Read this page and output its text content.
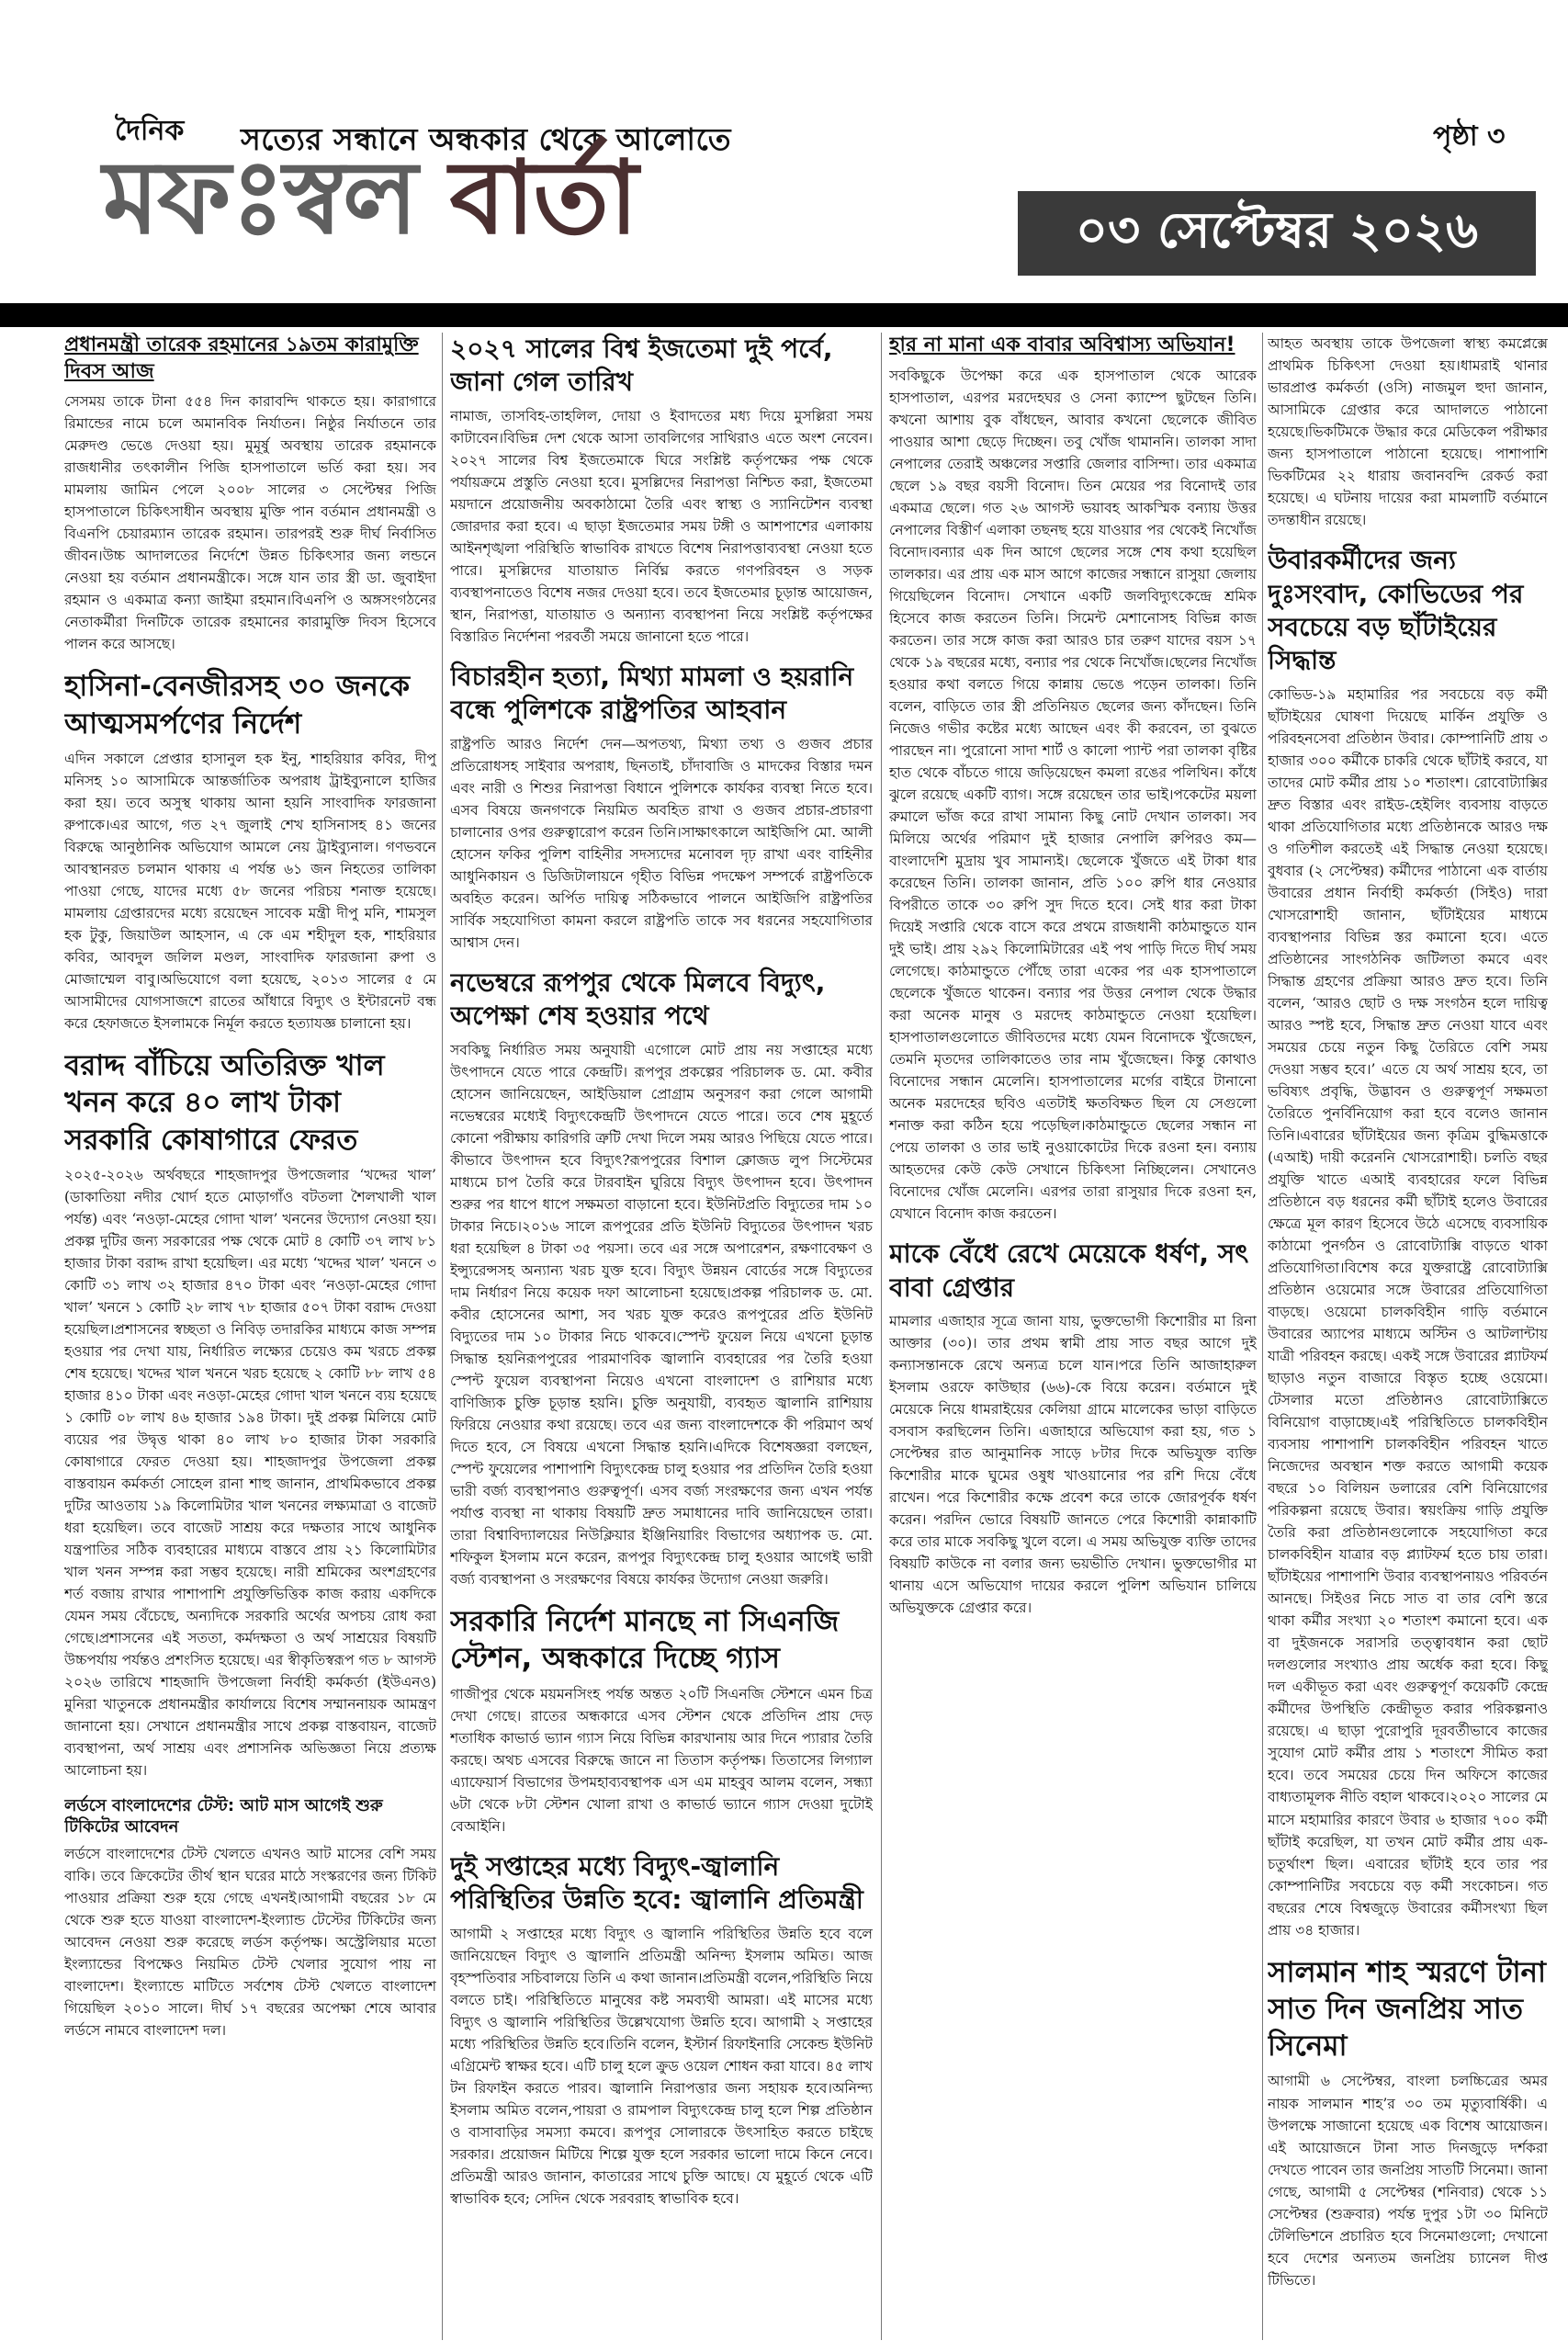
দৈনিক সত্যের সন্ধানে অন্ধকার থেকে আলোতে
মফঃস্বল বার্তা
পৃষ্ঠা ৩
০৩ সেপ্টেম্বর ২০২৬
প্রধানমন্ত্রী তারেক রহমানের ১৯তম কারামুক্তি দিবস আজ

সেসময় তাকে টানা ৫৫৪ দিন কারাবন্দি থাকতে হয়। কারাগারে রিমান্ডের নামে চলে অমানবিক নির্যাতন। নিষ্ঠুর নির্যাতনে তার মেরুদণ্ড ভেঙে দেওয়া হয়। মুমূর্ষু অবস্থায় তারেক রহমানকে রাজধানীর তৎকালীন পিজি হাসপাতালে ভর্তি করা হয়। সব মামলায় জামিন পেলে ২০০৮ সালের ৩ সেপ্টেম্বর পিজি হাসপাতালে চিকিৎসাধীন অবস্থায় মুক্তি পান বর্তমান প্রধানমন্ত্রী ও বিএনপি চেয়ারম্যান তারেক রহমান। তারপরই শুরু দীর্ঘ নির্বাসিত জীবন।উচ্চ আদালতের নির্দেশে উন্নত চিকিৎসার জন্য লন্ডনে নেওয়া হয় বর্তমান প্রধানমন্ত্রীকে। সঙ্গে যান তার স্ত্রী ডা. জুবাইদা রহমান ও একমাত্র কন্যা জাইমা রহমান।বিএনপি ও অঙ্গসংগঠনের নেতাকর্মীরা দিনটিকে তারেক রহমানের কারামুক্তি দিবস হিসেবে পালন করে আসছে।

হাসিনা-বেনজীরসহ ৩০ জনকে আত্মসমর্পণের নির্দেশ

এদিন সকালে প্রেপ্তার হাসানুল হক ইনু, শাহরিয়ার কবির, দীপু মনিসহ ১০ আসামিকে আন্তর্জাতিক অপরাধ ট্রাইব্যুনালে হাজির করা হয়। তবে অসুস্থ থাকায় আনা হয়নি সাংবাদিক ফারজানা রুপাকে।এর আগে, গত ২৭ জুলাই শেখ হাসিনাসহ ৪১ জনের বিরুদ্ধে আনুষ্ঠানিক অভিযোগ আমলে নেয় ট্রাইব্যুনাল। গণভবনে আবস্থানরত চলমান থাকায় এ পর্যন্ত ৬১ জন নিহতের তালিকা পাওয়া গেছে, যাদের মধ্যে ৫৮ জনের পরিচয় শনাক্ত হয়েছে। মামলায় গ্রেপ্তারদের মধ্যে রয়েছেন সাবেক মন্ত্রী দীপু মনি, শামসুল হক টুকু, জিয়াউল আহসান, এ কে এম শহীদুল হক, শাহরিয়ার কবির, আবদুল জলিল মণ্ডল, সাংবাদিক ফারজানা রুপা ও মোজাম্মেল বাবু।অভিযোগে বলা হয়েছে, ২০১৩ সালের ৫ মে আসামীদের যোগসাজশে রাতের আঁধারে বিদ্যুৎ ও ইন্টারনেট বন্ধ করে হেফাজতে ইসলামকে নির্মূল করতে হত্যাযজ্ঞ চালানো হয়।

বরাদ্দ বাঁচিয়ে অতিরিক্ত খাল খনন করে ৪০ লাখ টাকা সরকারি কোষাগারে ফেরত

২০২৫-২০২৬ অর্থবছরে শাহজাদপুর উপজেলার ‘খদ্দের খাল’ (ডাকাতিয়া নদীর খোর্দ হতে মোড়াগাঁও বটতলা শৈলখালী খাল পর্যন্ত) এবং ‘নওড়া-মেহের গোদা খাল’ খননের উদ্যোগ নেওয়া হয়।প্রকল্প দুটির জন্য সরকারের পক্ষ থেকে মোট ৪ কোটি ৩৭ লাখ ৮১ হাজার টাকা বরাদ্দ রাখা হয়েছিল। এর মধ্যে ‘খদ্দের খাল’ খননে ৩ কোটি ৩১ লাখ ৩২ হাজার ৪৭০ টাকা এবং ‘নওড়া-মেহের গোদা খাল’ খননে ১ কোটি ২৮ লাখ ৭৮ হাজার ৫০৭ টাকা বরাদ্দ দেওয়া হয়েছিল।প্রশাসনের স্বচ্ছতা ও নিবিড় তদারকির মাধ্যমে কাজ সম্পন্ন হওয়ার পর দেখা যায়, নির্ধারিত লক্ষ্যের চেয়েও কম খরচে প্রকল্প শেষ হয়েছে। খদ্দের খাল খননে খরচ হয়েছে ২ কোটি ৮৮ লাখ ৫৪ হাজার ৪১০ টাকা এবং নওড়া-মেহের গোদা খাল খননে ব্যয় হয়েছে ১ কোটি ০৮ লাখ ৪৬ হাজার ১৯৪ টাকা। দুই প্রকল্প মিলিয়ে মোট ব্যয়ের পর উদ্বৃত্ত থাকা ৪০ লাখ ৮০ হাজার টাকা সরকারি কোষাগারে ফেরত দেওয়া হয়। শাহজাদপুর উপজেলা প্রকল্প বাস্তবায়ন কর্মকর্তা সোহেল রানা শাহু জানান, প্রাথমিকভাবে প্রকল্প দুটির আওতায় ১৯ কিলোমিটার খাল খননের লক্ষ্যমাত্রা ও বাজেট ধরা হয়েছিল। তবে বাজেট সাশ্রয় করে দক্ষতার সাথে আধুনিক যন্ত্রপাতির সঠিক ব্যবহারের মাধ্যমে বাস্তবে প্রায় ২১ কিলোমিটার খাল খনন সম্পন্ন করা সম্ভব হয়েছে। নারী শ্রমিকের অংশগ্রহণের শর্ত বজায় রাখার পাশাপাশি প্রযুক্তিভিত্তিক কাজ করায় একদিকে যেমন সময় বেঁচেছে, অন্যদিকে সরকারি অর্থের অপচয় রোধ করা গেছে।প্রশাসনের এই সততা, কর্মদক্ষতা ও অর্থ সাশ্রয়ের বিষয়টি উচ্চপর্যায় পর্যন্তও প্রশংসিত হয়েছে। এর স্বীকৃতিস্বরূপ গত ৮ আগস্ট ২০২৬ তারিখে শাহজাদি উপজেলা নির্বাহী কর্মকর্তা (ইউএনও) মুনিরা খাতুনকে প্রধানমন্ত্রীর কার্যালয়ে বিশেষ সম্মাননায়ক আমন্ত্রণ জানানো হয়। সেখানে প্রধানমন্ত্রীর সাথে প্রকল্প বাস্তবায়ন, বাজেট ব্যবস্থাপনা, অর্থ সাশ্রয় এবং প্রশাসনিক অভিজ্ঞতা নিয়ে প্রত্যক্ষ আলোচনা হয়।

লর্ডসে বাংলাদেশের টেস্ট: আট মাস আগেই শুরু টিকিটের আবেদন

লর্ডসে বাংলাদেশের টেস্ট খেলতে এখনও আট মাসের বেশি সময় বাকি। তবে ক্রিকেটের তীর্থ স্থান ঘরের মাঠে সংস্করণের জন্য টিকিট পাওয়ার প্রক্রিয়া শুরু হয়ে গেছে এখনই।আগামী বছরের ১৮ মে থেকে শুরু হতে যাওয়া বাংলাদেশ-ইংল্যান্ড টেস্টের টিকিটের জন্য আবেদন নেওয়া শুরু করেছে লর্ডস কর্তৃপক্ষ। অস্ট্রেলিয়ার মতো ইংল্যান্ডের বিপক্ষেও নিয়মিত টেস্ট খেলার সুযোগ পায় না বাংলাদেশ। ইংল্যান্ডে মাটিতে সর্বশেষ টেস্ট খেলতে বাংলাদেশ গিয়েছিল ২০১০ সালে। দীর্ঘ ১৭ বছরের অপেক্ষা শেষে আবার লর্ডসে নামবে বাংলাদেশ দল।

২০২৭ সালের বিশ্ব ইজতেমা দুই পর্বে, জানা গেল তারিখ

নামাজ, তাসবিহ-তাহলিল, দোয়া ও ইবাদতের মধ্য দিয়ে মুসল্লিরা সময় কাটাবেন।বিভিন্ন দেশ থেকে আসা তাবলিগের সাথিরাও এতে অংশ নেবেন। ২০২৭ সালের বিশ্ব ইজতেমাকে ঘিরে সংশ্লিষ্ট কর্তৃপক্ষের পক্ষ থেকে পর্যায়ক্রমে প্রস্তুতি নেওয়া হবে। মুসল্লিদের নিরাপত্তা নিশ্চিত করা, ইজতেমা ময়দানে প্রয়োজনীয় অবকাঠামো তৈরি এবং স্বাস্থ্য ও স্যানিটেশন ব্যবস্থা জোরদার করা হবে। এ ছাড়া ইজতেমার সময় টঙ্গী ও আশপাশের এলাকায় আইনশৃঙ্খলা পরিস্থিতি স্বাভাবিক রাখতে বিশেষ নিরাপত্তাব্যবস্থা নেওয়া হতে পারে। মুসল্লিদের যাতায়াত নির্বিঘ্ন করতে গণপরিবহন ও সড়ক ব্যবস্থাপনাতেও বিশেষ নজর দেওয়া হবে। তবে ইজতেমার চূড়ান্ত আয়োজন, স্থান, নিরাপত্তা, যাতায়াত ও অন্যান্য ব্যবস্থাপনা নিয়ে সংশ্লিষ্ট কর্তৃপক্ষের বিস্তারিত নির্দেশনা পরবর্তী সময়ে জানানো হতে পারে।

বিচারহীন হত্যা, মিথ্যা মামলা ও হয়রানি বন্ধে পুলিশকে রাষ্ট্রপতির আহবান

রাষ্ট্রপতি আরও নির্দেশ দেন—অপতথ্য, মিথ্যা তথ্য ও গুজব প্রচার প্রতিরোধসহ সাইবার অপরাধ, ছিনতাই, চাঁদাবাজি ও মাদকের বিস্তার দমন এবং নারী ও শিশুর নিরাপত্তা বিধানে পুলিশকে কার্যকর ব্যবস্থা নিতে হবে। এসব বিষয়ে জনগণকে নিয়মিত অবহিত রাখা ও গুজব প্রচার-প্রচারণা চালানোর ওপর গুরুত্বারোপ করেন তিনি।সাক্ষাৎকালে আইজিপি মো. আলী হোসেন ফকির পুলিশ বাহিনীর সদস্যদের মনোবল দৃঢ় রাখা এবং বাহিনীর আধুনিকায়ন ও ডিজিটালায়নে গৃহীত বিভিন্ন পদক্ষেপ সম্পর্কে রাষ্ট্রপতিকে অবহিত করেন। অর্পিত দায়িত্ব সঠিকভাবে পালনে আইজিপি রাষ্ট্রপতির সার্বিক সহযোগিতা কামনা করলে রাষ্ট্রপতি তাকে সব ধরনের সহযোগিতার আশ্বাস দেন।

নভেম্বরে রূপপুর থেকে মিলবে বিদ্যুৎ, অপেক্ষা শেষ হওয়ার পথে

সবকিছু নির্ধারিত সময় অনুযায়ী এগোলে মোট প্রায় নয় সপ্তাহের মধ্যে উৎপাদনে যেতে পারে কেন্দ্রটি। রূপপুর প্রকল্পের পরিচালক ড. মো. কবীর হোসেন জানিয়েছেন, আইডিয়াল প্রোগ্রাম অনুসরণ করা গেলে আগামী নভেম্বরের মধ্যেই বিদ্যুৎকেন্দ্রটি উৎপাদনে যেতে পারে। তবে শেষ মুহূর্তে কোনো পরীক্ষায় কারিগরি ত্রুটি দেখা দিলে সময় আরও পিছিয়ে যেতে পারে।কীভাবে উৎপাদন হবে বিদ্যুৎ?রূপপুরের বিশাল ক্লোজড লুপ সিস্টেমের মাধ্যমে চাপ তৈরি করে টারবাইন ঘুরিয়ে বিদ্যুৎ উৎপাদন হবে। উৎপাদন শুরুর পর ধাপে ধাপে সক্ষমতা বাড়ানো হবে। ইউনিটপ্রতি বিদ্যুতের দাম ১০ টাকার নিচে।২০১৬ সালে রূপপুরের প্রতি ইউনিট বিদ্যুতের উৎপাদন খরচ ধরা হয়েছিল ৪ টাকা ৩৫ পয়সা। তবে এর সঙ্গে অপারেশন, রক্ষণাবেক্ষণ ও ইন্স্যুরেন্সসহ অন্যান্য খরচ যুক্ত হবে। বিদ্যুৎ উন্নয়ন বোর্ডের সঙ্গে বিদ্যুতের দাম নির্ধারণ নিয়ে কয়েক দফা আলোচনা হয়েছে।প্রকল্প পরিচালক ড. মো. কবীর হোসেনের আশা, সব খরচ যুক্ত করেও রূপপুরের প্রতি ইউনিট বিদ্যুতের দাম ১০ টাকার নিচে থাকবে।স্পেন্ট ফুয়েল নিয়ে এখনো চূড়ান্ত সিদ্ধান্ত হয়নিরূপপুরের পারমাণবিক জ্বালানি ব্যবহারের পর তৈরি হওয়া স্পেন্ট ফুয়েল ব্যবস্থাপনা নিয়েও এখনো বাংলাদেশ ও রাশিয়ার মধ্যে বাণিজ্যিক চুক্তি চূড়ান্ত হয়নি। চুক্তি অনুযায়ী, ব্যবহৃত জ্বালানি রাশিয়ায় ফিরিয়ে নেওয়ার কথা রয়েছে। তবে এর জন্য বাংলাদেশকে কী পরিমাণ অর্থ দিতে হবে, সে বিষয়ে এখনো সিদ্ধান্ত হয়নি।এদিকে বিশেষজ্ঞরা বলছেন, স্পেন্ট ফুয়েলের পাশাপাশি বিদ্যুৎকেন্দ্র চালু হওয়ার পর প্রতিদিন তৈরি হওয়া ভারী বর্জ্য ব্যবস্থাপনাও গুরুত্বপূর্ণ। এসব বর্জ্য সংরক্ষণের জন্য এখন পর্যন্ত পর্যাপ্ত ব্যবস্থা না থাকায় বিষয়টি দ্রুত সমাধানের দাবি জানিয়েছেন তারা।তারা বিশ্বাবিদ্যালয়ের নিউক্লিয়ার ইঞ্জিনিয়ারিং বিভাগের অধ্যাপক ড. মো. শফিকুল ইসলাম মনে করেন, রূপপুর বিদ্যুৎকেন্দ্র চালু হওয়ার আগেই ভারী বর্জ্য ব্যবস্থাপনা ও সংরক্ষণের বিষয়ে কার্যকর উদ্যোগ নেওয়া জরুরি।

সরকারি নির্দেশ মানছে না সিএনজি স্টেশন, অন্ধকারে দিচ্ছে গ্যাস

গাজীপুর থেকে ময়মনসিংহ পর্যন্ত অন্তত ২০টি সিএনজি স্টেশনে এমন চিত্র দেখা গেছে। রাতের অন্ধকারে এসব স্টেশন থেকে প্রতিদিন প্রায় দেড় শতাধিক কাভার্ড ভ্যান গ্যাস নিয়ে বিভিন্ন কারখানায় আর দিনে প্যারার তৈরি করছে। অথচ এসবের বিরুদ্ধে জানে না তিতাস কর্তৃপক্ষ। তিতাসের লিগ্যাল এ্যাফেয়ার্স বিভাগের উপমহাব্যবস্থাপক এস এম মাহবুব আলম বলেন, সন্ধ্যা ৬টা থেকে ৮টা স্টেশন খোলা রাখা ও কাভার্ড ভ্যানে গ্যাস দেওয়া দুটোই বেআইনি।

দুই সপ্তাহের মধ্যে বিদ্যুৎ-জ্বালানি পরিস্থিতির উন্নতি হবে: জ্বালানি প্রতিমন্ত্রী

আগামী ২ সপ্তাহের মধ্যে বিদ্যুৎ ও জ্বালানি পরিস্থিতির উন্নতি হবে বলে জানিয়েছেন বিদ্যুৎ ও জ্বালানি প্রতিমন্ত্রী অনিন্দ্য ইসলাম অমিত। আজ বৃহস্পতিবার সচিবালয়ে তিনি এ কথা জানান।প্রতিমন্ত্রী বলেন,পরিস্থিতি নিয়ে বলতে চাই। পরিস্থিতিতে মানুষের কষ্ট সমব্যথী আমরা। এই মাসের মধ্যে বিদ্যুৎ ও জ্বালানি পরিস্থিতির উল্লেখযোগ্য উন্নতি হবে। আগামী ২ সপ্তাহের মধ্যে পরিস্থিতির উন্নতি হবে।তিনি বলেন, ইস্টার্ন রিফাইনারি সেকেন্ড ইউনিট এগ্রিমেন্ট স্বাক্ষর হবে। এটি চালু হলে ক্রুড ওয়েল শোধন করা যাবে। ৪৫ লাখ টন রিফাইন করতে পারব। জ্বালানি নিরাপত্তার জন্য সহায়ক হবে।অনিন্দ্য ইসলাম অমিত বলেন,পায়রা ও রামপাল বিদ্যুৎকেন্দ্র চালু হলে শিল্প প্রতিষ্ঠান ও বাসাবাড়ির সমস্যা কমবে। রূপপুর সোলারকে উৎসাহিত করতে চাইছে সরকার। প্রয়োজন মিটিয়ে শিল্পে যুক্ত হলে সরকার ভালো দামে কিনে নেবে।প্রতিমন্ত্রী আরও জানান, কাতারের সাথে চুক্তি আছে। যে মুহূর্তে থেকে এটি স্বাভাবিক হবে; সেদিন থেকে সরবরাহ স্বাভাবিক হবে।

হার না মানা এক বাবার অবিশ্বাস্য অভিযান!

সবকিছুকে উপেক্ষা করে এক হাসপাতাল থেকে আরেক হাসপাতাল, এরপর মরদেহঘর ও সেনা ক্যাম্পে ছুটছেন তিনি। কখনো আশায় বুক বাঁধছেন, আবার কখনো ছেলেকে জীবিত পাওয়ার আশা ছেড়ে দিচ্ছেন। তবু খোঁজ থামাননি। তালকা সাদা নেপালের তেরাই অঞ্চলের সপ্তারি জেলার বাসিন্দা। তার একমাত্র ছেলে ১৯ বছর বয়সী বিনোদ। তিন মেয়ের পর বিনোদই তার একমাত্র ছেলে। গত ২৬ আগস্ট ভয়াবহ আকস্মিক বন্যায় উত্তর নেপালের বিস্তীর্ণ এলাকা তছনছ হয়ে যাওয়ার পর থেকেই নিখোঁজ বিনোদ।বন্যার এক দিন আগে ছেলের সঙ্গে শেষ কথা হয়েছিল তালকার। এর প্রায় এক মাস আগে কাজের সন্ধানে রাসুয়া জেলায় গিয়েছিলেন বিনোদ। সেখানে একটি জলবিদ্যুৎকেন্দ্রে শ্রমিক হিসেবে কাজ করতেন তিনি। সিমেন্ট মেশানোসহ বিভিন্ন কাজ করতেন। তার সঙ্গে কাজ করা আরও চার তরুণ যাদের বয়স ১৭ থেকে ১৯ বছরের মধ্যে, বন্যার পর থেকে নিখোঁজ।ছেলের নিখোঁজ হওয়ার কথা বলতে গিয়ে কান্নায় ভেঙে পড়েন তালকা। তিনি বলেন, বাড়িতে তার স্ত্রী প্রতিনিয়ত ছেলের জন্য কাঁদছেন। তিনি নিজেও গভীর কষ্টের মধ্যে আছেন এবং কী করবেন, তা বুঝতে পারছেন না। পুরোনো সাদা শার্ট ও কালো প্যান্ট পরা তালকা বৃষ্টির হাত থেকে বাঁচতে গায়ে জড়িয়েছেন কমলা রঙের পলিথিন। কাঁধে ঝুলে রয়েছে একটি ব্যাগ। সঙ্গে রয়েছেন তার ভাই।পকেটের ময়লা রুমালে ভাঁজ করে রাখা সামান্য কিছু নোট দেখান তালকা। সব মিলিয়ে অর্থের পরিমাণ দুই হাজার নেপালি রুপিরও কম—বাংলাদেশি মুদ্রায় খুব সামান্যই। ছেলেকে খুঁজতে এই টাকা ধার করেছেন তিনি। তালকা জানান, প্রতি ১০০ রুপি ধার নেওয়ার বিপরীতে তাকে ৩০ রুপি সুদ দিতে হবে। সেই ধার করা টাকা দিয়েই সপ্তারি থেকে বাসে করে প্রথমে রাজধানী কাঠমান্ডুতে যান দুই ভাই। প্রায় ২৯২ কিলোমিটারের এই পথ পাড়ি দিতে দীর্ঘ সময় লেগেছে। কাঠমান্ডুতে পৌঁছে তারা একের পর এক হাসপাতালে ছেলেকে খুঁজতে থাকেন। বন্যার পর উত্তর নেপাল থেকে উদ্ধার করা অনেক মানুষ ও মরদেহ কাঠমান্ডুতে নেওয়া হয়েছিল। হাসপাতালগুলোতে জীবিতদের মধ্যে যেমন বিনোদকে খুঁজেছেন, তেমনি মৃতদের তালিকাতেও তার নাম খুঁজেছেন। কিন্তু কোথাও বিনোদের সন্ধান মেলেনি। হাসপাতালের মর্গের বাইরে টানানো অনেক মরদেহের ছবিও এতটাই ক্ষতবিক্ষত ছিল যে সেগুলো শনাক্ত করা কঠিন হয়ে পড়েছিল।কাঠমান্ডুতে ছেলের সন্ধান না পেয়ে তালকা ও তার ভাই নুওয়াকোটের দিকে রওনা হন। বন্যায় আহতদের কেউ কেউ সেখানে চিকিৎসা নিচ্ছিলেন। সেখানেও বিনোদের খোঁজ মেলেনি। এরপর তারা রাসুয়ার দিকে রওনা হন, যেখানে বিনোদ কাজ করতেন।

মাকে বেঁধে রেখে মেয়েকে ধর্ষণ, সৎ বাবা গ্রেপ্তার

মামলার এজাহার সূত্রে জানা যায়, ভুক্তভোগী কিশোরীর মা রিনা আক্তার (৩০)। তার প্রথম স্বামী প্রায় সাত বছর আগে দুই কন্যাসন্তানকে রেখে অন্যত্র চলে যান।পরে তিনি আজাহারুল ইসলাম ওরফে কাউছার (৬৬)-কে বিয়ে করেন। বর্তমানে দুই মেয়েকে নিয়ে ধামরাইয়ের কেলিয়া গ্রামে মালেকের ভাড়া বাড়িতে বসবাস করছিলেন তিনি। এজাহারে অভিযোগ করা হয়, গত ১ সেপ্টেম্বর রাত আনুমানিক সাড়ে ৮টার দিকে অভিযুক্ত ব্যক্তি কিশোরীর মাকে ঘুমের ওষুধ খাওয়ানোর পর রশি দিয়ে বেঁধে রাখেন। পরে কিশোরীর কক্ষে প্রবেশ করে তাকে জোরপূর্বক ধর্ষণ করেন। পরদিন ভোরে বিষয়টি জানতে পেরে কিশোরী কান্নাকাটি করে তার মাকে সবকিছু খুলে বলে। এ সময় অভিযুক্ত ব্যক্তি তাদের বিষয়টি কাউকে না বলার জন্য ভয়ভীতি দেখান। ভুক্তভোগীর মা থানায় এসে অভিযোগ দায়ের করলে পুলিশ অভিযান চালিয়ে অভিযুক্তকে গ্রেপ্তার করে।

আহত অবস্থায় তাকে উপজেলা স্বাস্থ্য কমপ্লেক্সে প্রাথমিক চিকিৎসা দেওয়া হয়।ধামরাই থানার ভারপ্রাপ্ত কর্মকর্তা (ওসি) নাজমুল হুদা জানান, আসামিকে গ্রেপ্তার করে আদালতে পাঠানো হয়েছে।ভিকটিমকে উদ্ধার করে মেডিকেল পরীক্ষার জন্য হাসপাতালে পাঠানো হয়েছে। পাশাপাশি ভিকটিমের ২২ ধারায় জবানবন্দি রেকর্ড করা হয়েছে। এ ঘটনায় দায়ের করা মামলাটি বর্তমানে তদন্তাধীন রয়েছে।

উবারকর্মীদের জন্য দুঃসংবাদ, কোভিডের পর সবচেয়ে বড় ছাঁটাইয়ের সিদ্ধান্ত

কোভিড-১৯ মহামারির পর সবচেয়ে বড় কর্মী ছাঁটাইয়ের ঘোষণা দিয়েছে মার্কিন প্রযুক্তি ও পরিবহনসেবা প্রতিষ্ঠান উবার। কোম্পানিটি প্রায় ৩ হাজার ৩০০ কর্মীকে চাকরি থেকে ছাঁটাই করবে, যা তাদের মোট কর্মীর প্রায় ১০ শতাংশ। রোবোট্যাক্সির দ্রুত বিস্তার এবং রাইড-হেইলিং ব্যবসায় বাড়তে থাকা প্রতিযোগিতার মধ্যে প্রতিষ্ঠানকে আরও দক্ষ ও গতিশীল করতেই এই সিদ্ধান্ত নেওয়া হয়েছে। বুধবার (২ সেপ্টেম্বর) কর্মীদের পাঠানো এক বার্তায় উবারের প্রধান নির্বাহী কর্মকর্তা (সিইও) দারা খোসরোশাহী জানান, ছাঁটাইয়ের মাধ্যমে ব্যবস্থাপনার বিভিন্ন স্তর কমানো হবে। এতে প্রতিষ্ঠানের সাংগঠনিক জটিলতা কমবে এবং সিদ্ধান্ত গ্রহণের প্রক্রিয়া আরও দ্রুত হবে। তিনি বলেন, ‘আরও ছোট ও দক্ষ সংগঠন হলে দায়িত্ব আরও স্পষ্ট হবে, সিদ্ধান্ত দ্রুত নেওয়া যাবে এবং সময়ের চেয়ে নতুন কিছু তৈরিতে বেশি সময় দেওয়া সম্ভব হবে।’ এতে যে অর্থ সাশ্রয় হবে, তা ভবিষ্যৎ প্রবৃদ্ধি, উদ্ভাবন ও গুরুত্বপূর্ণ সক্ষমতা তৈরিতে পুনর্বিনিয়োগ করা হবে বলেও জানান তিনি।এবারের ছাঁটাইয়ের জন্য কৃত্রিম বুদ্ধিমত্তাকে (এআই) দায়ী করেননি খোসরোশাহী। চলতি বছর প্রযুক্তি খাতে এআই ব্যবহারের ফলে বিভিন্ন প্রতিষ্ঠানে বড় ধরনের কর্মী ছাঁটাই হলেও উবারের ক্ষেত্রে মূল কারণ হিসেবে উঠে এসেছে ব্যবসায়িক কাঠামো পুনর্গঠন ও রোবোট্যাক্সি বাড়তে থাকা প্রতিযোগিতা।বিশেষ করে যুক্তরাষ্ট্রে রোবোট্যাক্সি প্রতিষ্ঠান ওয়েমোর সঙ্গে উবারের প্রতিযোগিতা বাড়ছে। ওয়েমো চালকবিহীন গাড়ি বর্তমানে উবারের অ্যাপের মাধ্যমে অস্টিন ও আটলান্টায় যাত্রী পরিবহন করছে। একই সঙ্গে উবারের প্ল্যাটফর্ম ছাড়াও নতুন বাজারে বিস্তৃত হচ্ছে ওয়েমো। টেসলার মতো প্রতিষ্ঠানও রোবোট্যাক্সিতে বিনিয়োগ বাড়াচ্ছে।এই পরিস্থিতিতে চালকবিহীন ব্যবসায় পাশাপাশি চালকবিহীন পরিবহন খাতে নিজেদের অবস্থান শক্ত করতে আগামী কয়েক বছরে ১০ বিলিয়ন ডলারের বেশি বিনিয়োগের পরিকল্পনা রয়েছে উবার। স্বয়ংক্রিয় গাড়ি প্রযুক্তি তৈরি করা প্রতিষ্ঠানগুলোকে সহযোগিতা করে চালকবিহীন যাত্রার বড় প্ল্যাটফর্ম হতে চায় তারা।ছাঁটাইয়ের পাশাপাশি উবার ব্যবস্থাপনায়ও পরিবর্তন আনছে। সিইওর নিচে সাত বা তার বেশি স্তরে থাকা কর্মীর সংখ্যা ২০ শতাংশ কমানো হবে। এক বা দুইজনকে সরাসরি তত্ত্বাবধান করা ছোট দলগুলোর সংখ্যাও প্রায় অর্ধেক করা হবে। কিছু দল একীভূত করা এবং গুরুত্বপূর্ণ কয়েকটি কেন্দ্রে কর্মীদের উপস্থিতি কেন্দ্রীভূত করার পরিকল্পনাও রয়েছে। এ ছাড়া পুরোপুরি দূরবর্তীভাবে কাজের সুযোগ মোট কর্মীর প্রায় ১ শতাংশে সীমিত করা হবে। তবে সময়ের চেয়ে দিন অফিসে কাজের বাধ্যতামূলক নীতি বহাল থাকবে।২০২০ সালের মে মাসে মহামারির কারণে উবার ৬ হাজার ৭০০ কর্মী ছাঁটাই করেছিল, যা তখন মোট কর্মীর প্রায় এক-চতুর্থাংশ ছিল। এবারের ছাঁটাই হবে তার পর কোম্পানিটির সবচেয়ে বড় কর্মী সংকোচন। গত বছরের শেষে বিশ্বজুড়ে উবারের কর্মীসংখ্যা ছিল প্রায় ৩৪ হাজার।

সালমান শাহ স্মরণে টানা সাত দিন জনপ্রিয় সাত সিনেমা

আগামী ৬ সেপ্টেম্বর, বাংলা চলচ্চিত্রের অমর নায়ক সালমান শাহ’র ৩০ তম মৃত্যুবার্ষিকী। এ উপলক্ষে সাজানো হয়েছে এক বিশেষ আয়োজন। এই আয়োজনে টানা সাত দিনজুড়ে দর্শকরা দেখতে পাবেন তার জনপ্রিয় সাতটি সিনেমা। জানা গেছে, আগামী ৫ সেপ্টেম্বর (শনিবার) থেকে ১১ সেপ্টেম্বর (শুক্রবার) পর্যন্ত দুপুর ১টা ৩০ মিনিটে টেলিভিশনে প্রচারিত হবে সিনেমাগুলো; দেখানো হবে দেশের অন্যতম জনপ্রিয় চ্যানেল দীপ্ত টিভিতে।
